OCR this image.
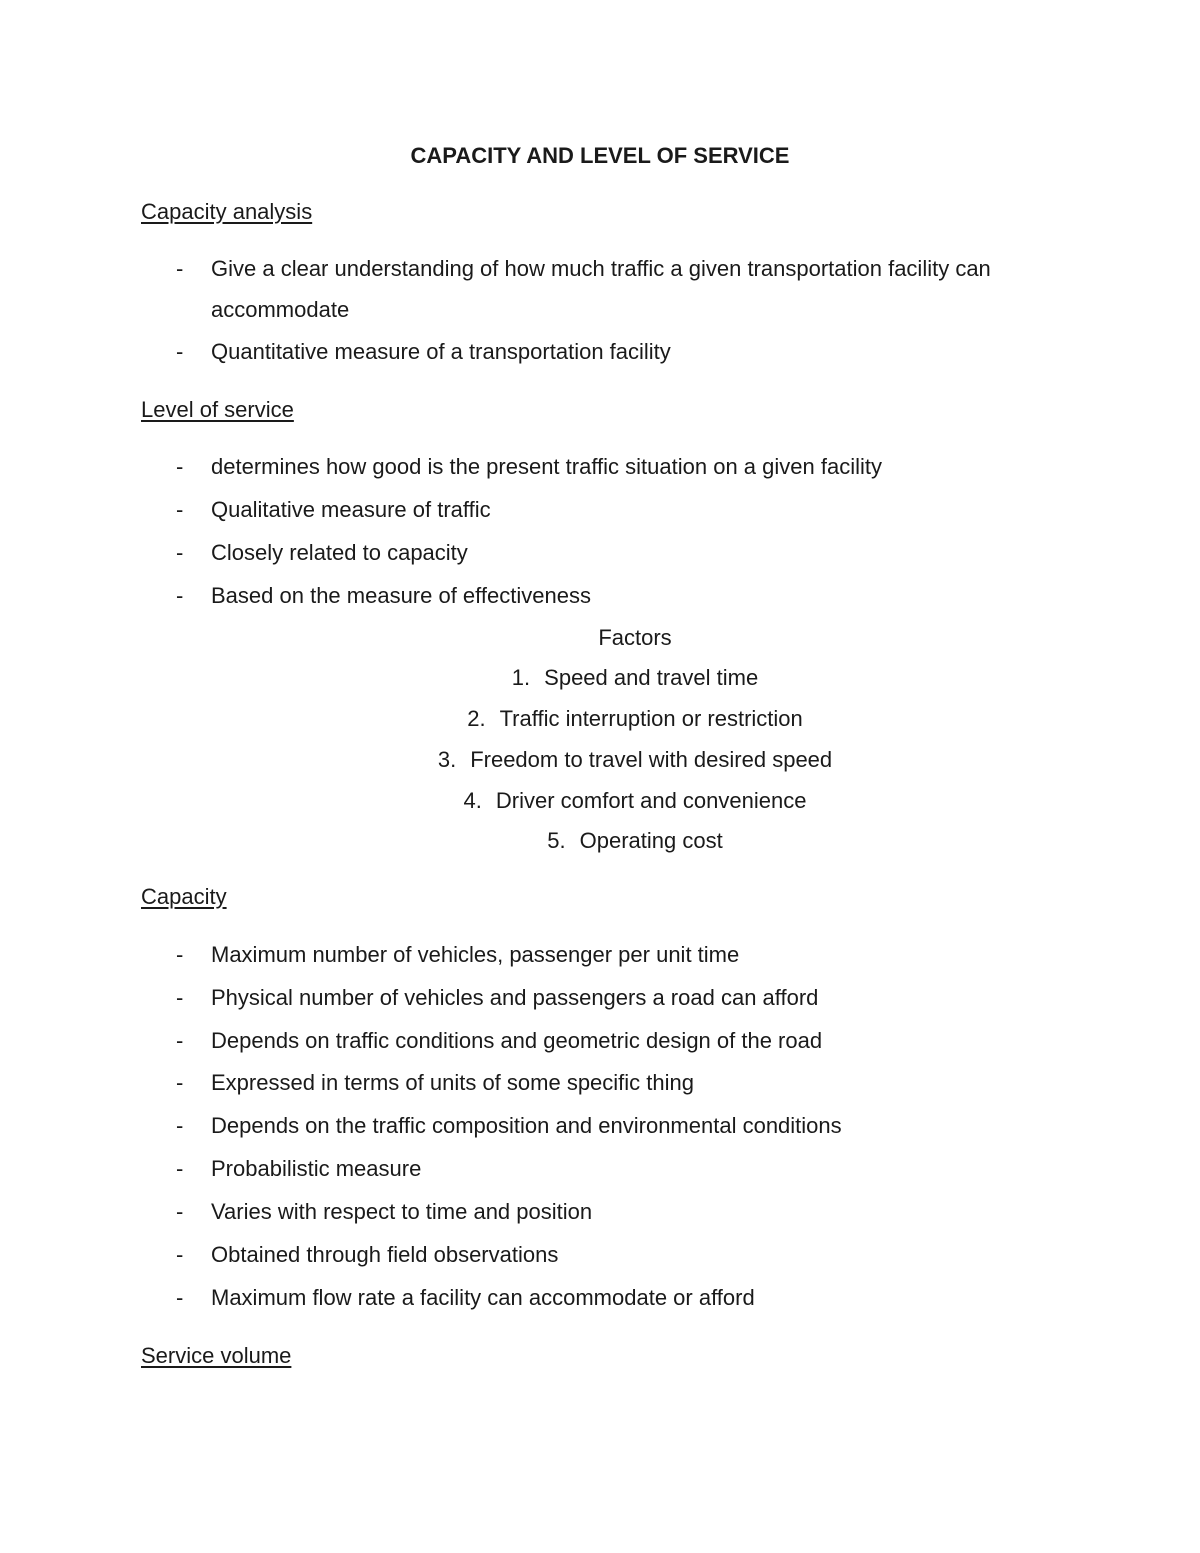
CAPACITY AND LEVEL OF SERVICE
Capacity analysis
- Give a clear understanding of how much traffic a given transportation facility can
accommodate
- Quantitative measure of a transportation facility
Level of service
- determines how good is the present traffic situation on a given facility
- Qualitative measure of traffic
- Closely related to capacity
- Based on the measure of effectiveness
Factors
1. Speed and travel time
2. Traffic interruption or restriction
3. Freedom to travel with desired speed
4. Driver comfort and convenience
5. Operating cost
Capacity
- Maximum number of vehicles, passenger per unit time
- Physical number of vehicles and passengers a road can afford
- Depends on traffic conditions and geometric design of the road
- Expressed in terms of units of some specific thing
- Depends on the traffic composition and environmental conditions
- Probabilistic measure
- Varies with respect to time and position
- Obtained through field observations
- Maximum flow rate a facility can accommodate or afford
Service volume
